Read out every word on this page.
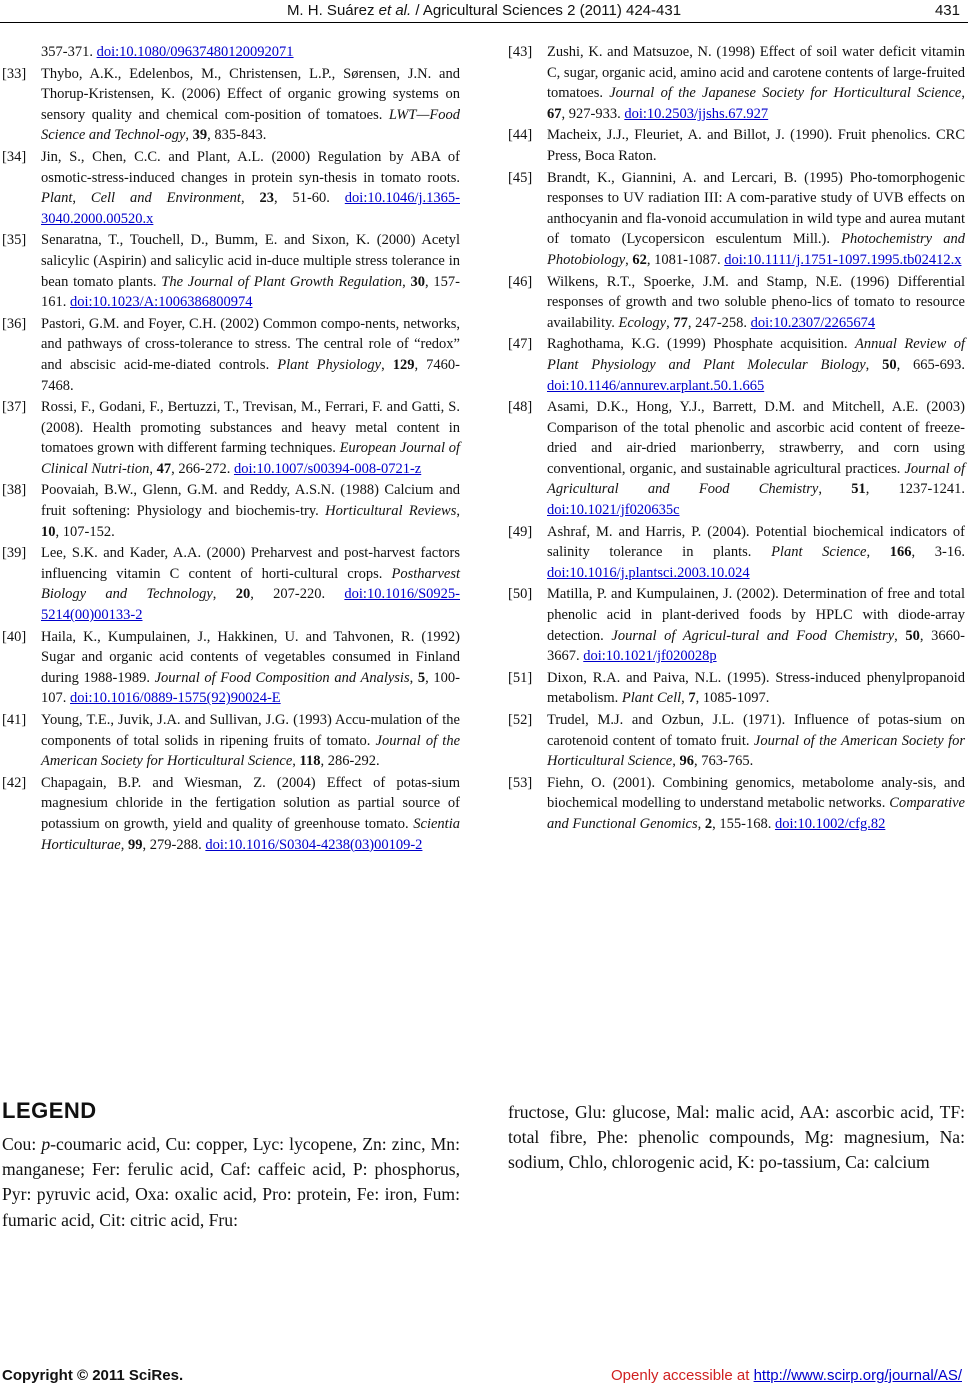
M. H. Suárez et al. / Agricultural Sciences 2 (2011) 424-431	431
357-371. doi:10.1080/09637480120092071
[33] Thybo, A.K., Edelenbos, M., Christensen, L.P., Sørensen, J.N. and Thorup-Kristensen, K. (2006) Effect of organic growing systems on sensory quality and chemical com-position of tomatoes. LWT—Food Science and Technol-ogy, 39, 835-843.
[34] Jin, S., Chen, C.C. and Plant, A.L. (2000) Regulation by ABA of osmotic-stress-induced changes in protein syn-thesis in tomato roots. Plant, Cell and Environment, 23, 51-60. doi:10.1046/j.1365-3040.2000.00520.x
[35] Senaratna, T., Touchell, D., Bumm, E. and Sixon, K. (2000) Acetyl salicylic (Aspirin) and salicylic acid in-duce multiple stress tolerance in bean tomato plants. The Journal of Plant Growth Regulation, 30, 157-161. doi:10.1023/A:1006386800974
[36] Pastori, G.M. and Foyer, C.H. (2002) Common compo-nents, networks, and pathways of cross-tolerance to stress. The central role of “redox” and abscisic acid-me-diated controls. Plant Physiology, 129, 7460-7468.
[37] Rossi, F., Godani, F., Bertuzzi, T., Trevisan, M., Ferrari, F. and Gatti, S. (2008). Health promoting substances and heavy metal content in tomatoes grown with different farming techniques. European Journal of Clinical Nutri-tion, 47, 266-272. doi:10.1007/s00394-008-0721-z
[38] Poovaiah, B.W., Glenn, G.M. and Reddy, A.S.N. (1988) Calcium and fruit softening: Physiology and biochemis-try. Horticultural Reviews, 10, 107-152.
[39] Lee, S.K. and Kader, A.A. (2000) Preharvest and post-harvest factors influencing vitamin C content of horti-cultural crops. Postharvest Biology and Technology, 20, 207-220. doi:10.1016/S0925-5214(00)00133-2
[40] Haila, K., Kumpulainen, J., Hakkinen, U. and Tahvonen, R. (1992) Sugar and organic acid contents of vegetables consumed in Finland during 1988-1989. Journal of Food Composition and Analysis, 5, 100-107. doi:10.1016/0889-1575(92)90024-E
[41] Young, T.E., Juvik, J.A. and Sullivan, J.G. (1993) Accu-mulation of the components of total solids in ripening fruits of tomato. Journal of the American Society for Horticultural Science, 118, 286-292.
[42] Chapagain, B.P. and Wiesman, Z. (2004) Effect of potas-sium magnesium chloride in the fertigation solution as partial source of potassium on growth, yield and quality of greenhouse tomato. Scientia Horticulturae, 99, 279-288. doi:10.1016/S0304-4238(03)00109-2
[43] Zushi, K. and Matsuzoe, N. (1998) Effect of soil water deficit vitamin C, sugar, organic acid, amino acid and carotene contents of large-fruited tomatoes. Journal of the Japanese Society for Horticultural Science, 67, 927-933. doi:10.2503/jjshs.67.927
[44] Macheix, J.J., Fleuriet, A. and Billot, J. (1990). Fruit phenolics. CRC Press, Boca Raton.
[45] Brandt, K., Giannini, A. and Lercari, B. (1995) Pho-tomorphogenic responses to UV radiation III: A com-parative study of UVB effects on anthocyanin and fla-vonoid accumulation in wild type and aurea mutant of tomato (Lycopersicon esculentum Mill.). Photochemistry and Photobiology, 62, 1081-1087. doi:10.1111/j.1751-1097.1995.tb02412.x
[46] Wilkens, R.T., Spoerke, J.M. and Stamp, N.E. (1996) Differential responses of growth and two soluble pheno-lics of tomato to resource availability. Ecology, 77, 247-258. doi:10.2307/2265674
[47] Raghothama, K.G. (1999) Phosphate acquisition. Annual Review of Plant Physiology and Plant Molecular Biology, 50, 665-693. doi:10.1146/annurev.arplant.50.1.665
[48] Asami, D.K., Hong, Y.J., Barrett, D.M. and Mitchell, A.E. (2003) Comparison of the total phenolic and ascorbic acid content of freeze-dried and air-dried marionberry, strawberry, and corn using conventional, organic, and sustainable agricultural practices. Journal of Agricultural and Food Chemistry, 51, 1237-1241. doi:10.1021/jf020635c
[49] Ashraf, M. and Harris, P. (2004). Potential biochemical indicators of salinity tolerance in plants. Plant Science, 166, 3-16. doi:10.1016/j.plantsci.2003.10.024
[50] Matilla, P. and Kumpulainen, J. (2002). Determination of free and total phenolic acid in plant-derived foods by HPLC with diode-array detection. Journal of Agricul-tural and Food Chemistry, 50, 3660-3667. doi:10.1021/jf020028p
[51] Dixon, R.A. and Paiva, N.L. (1995). Stress-induced phenylpropanoid metabolism. Plant Cell, 7, 1085-1097.
[52] Trudel, M.J. and Ozbun, J.L. (1971). Influence of potas-sium on carotenoid content of tomato fruit. Journal of the American Society for Horticultural Science, 96, 763-765.
[53] Fiehn, O. (2001). Combining genomics, metabolome analy-sis, and biochemical modelling to understand metabolic networks. Comparative and Functional Genomics, 2, 155-168. doi:10.1002/cfg.82
LEGEND
Cou: p-coumaric acid, Cu: copper, Lyc: lycopene, Zn: zinc, Mn: manganese; Fer: ferulic acid, Caf: caffeic acid, P: phosphorus, Pyr: pyruvic acid, Oxa: oxalic acid, Pro: protein, Fe: iron, Fum: fumaric acid, Cit: citric acid, Fru:
fructose, Glu: glucose, Mal: malic acid, AA: ascorbic acid, TF: total fibre, Phe: phenolic compounds, Mg: magnesium, Na: sodium, Chlo, chlorogenic acid, K: po-tassium, Ca: calcium
Copyright © 2011 SciRes.	Openly accessible at http://www.scirp.org/journal/AS/
